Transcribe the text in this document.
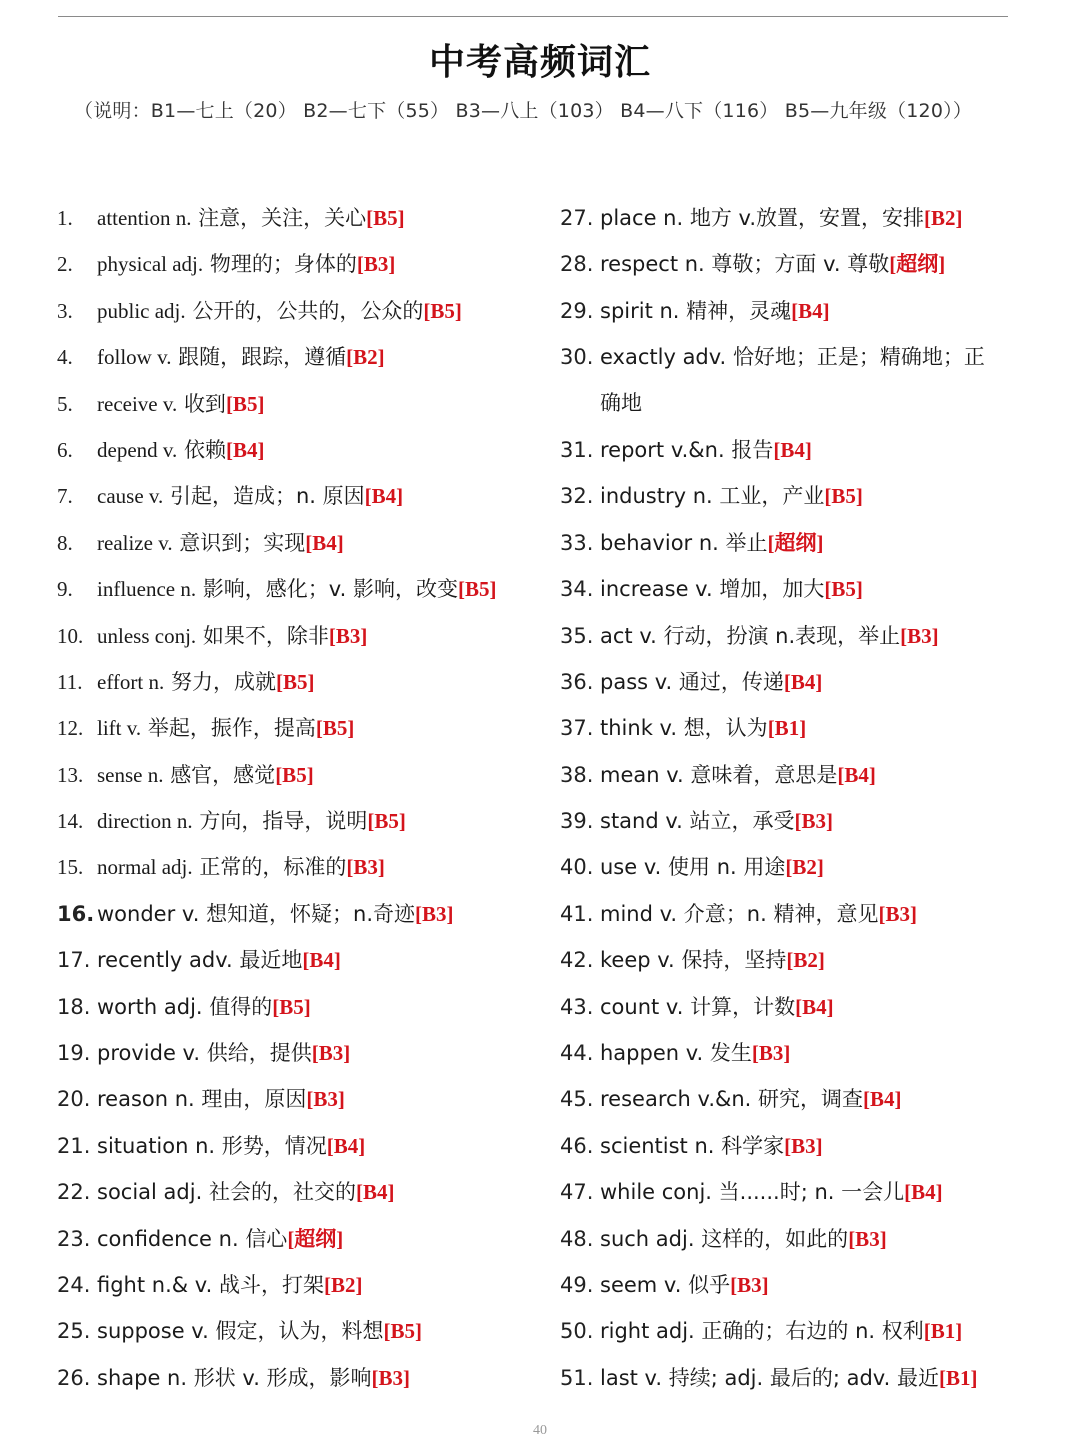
中考高频词汇
（说明：B1—七上（20） B2—七下（55） B3—八上（103） B4—八下（116） B5—九年级（120））
1. attention n. 注意，关注，关心[B5]
2. physical adj. 物理的；身体的[B3]
3. public adj. 公开的，公共的，公众的[B5]
4. follow v. 跟随，跟踪，遵循[B2]
5. receive v. 收到[B5]
6. depend v. 依赖[B4]
7. cause v. 引起，造成；n. 原因[B4]
8. realize v. 意识到；实现[B4]
9. influence n. 影响，感化；v. 影响，改变[B5]
10. unless conj. 如果不，除非[B3]
11. effort n. 努力，成就[B5]
12. lift v. 举起，振作，提高[B5]
13. sense n. 感官，感觉[B5]
14. direction n. 方向，指导，说明[B5]
15. normal adj. 正常的，标准的[B3]
16. wonder v. 想知道，怀疑；n.奇迹[B3]
17. recently adv. 最近地[B4]
18. worth adj. 值得的[B5]
19. provide v. 供给，提供[B3]
20. reason n. 理由，原因[B3]
21. situation n. 形势，情况[B4]
22. social adj. 社会的，社交的[B4]
23. confidence n. 信心[超纲]
24. fight n.& v. 战斗，打架[B2]
25. suppose v. 假定，认为，料想[B5]
26. shape n. 形状 v. 形成，影响[B3]
27. place n. 地方 v.放置，安置，安排[B2]
28. respect n. 尊敬；方面 v. 尊敬[超纲]
29. spirit n. 精神，灵魂[B4]
30. exactly adv. 恰好地；正是；精确地；正
确地
31. report v.&n. 报告[B4]
32. industry n. 工业，产业[B5]
33. behavior n. 举止[超纲]
34. increase v. 增加，加大[B5]
35. act v. 行动，扮演 n.表现，举止[B3]
36. pass v. 通过，传递[B4]
37. think v. 想，认为[B1]
38. mean v. 意味着，意思是[B4]
39. stand v. 站立，承受[B3]
40. use v. 使用 n. 用途[B2]
41. mind v. 介意；n. 精神，意见[B3]
42. keep v. 保持，坚持[B2]
43. count v. 计算，计数[B4]
44. happen v. 发生[B3]
45. research v.&n. 研究，调查[B4]
46. scientist n. 科学家[B3]
47. while conj. 当......时; n. 一会儿[B4]
48. such adj. 这样的，如此的[B3]
49. seem v. 似乎[B3]
50. right adj. 正确的；右边的 n. 权利[B1]
51. last v. 持续; adj. 最后的; adv. 最近[B1]
40
